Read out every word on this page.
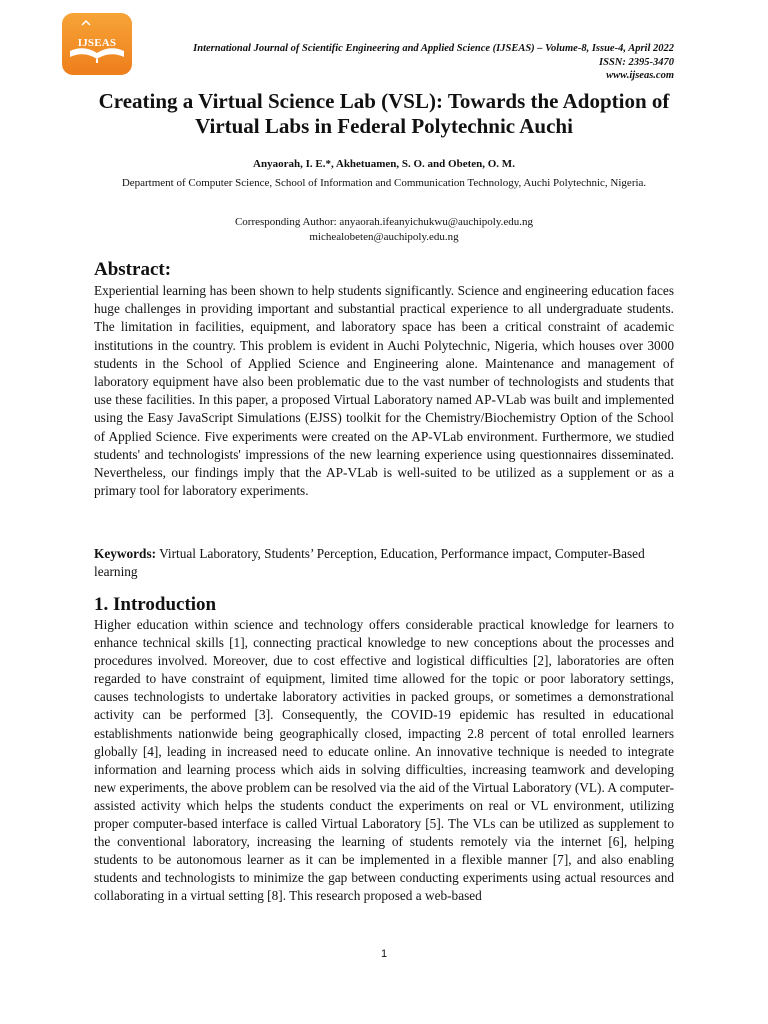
IJSEAS	International Journal of Scientific Engineering and Applied Science (IJSEAS) – Volume-8, Issue-4, April 2022
ISSN: 2395-3470
www.ijseas.com
Creating a Virtual Science Lab (VSL): Towards the Adoption of Virtual Labs in Federal Polytechnic Auchi
Anyaorah, I. E.*, Akhetuamen, S. O. and Obeten, O. M.
Department of Computer Science, School of Information and Communication Technology, Auchi Polytechnic, Nigeria.
Corresponding Author: anyaorah.ifeanyichukwu@auchipoly.edu.ng
michealobeten@auchipoly.edu.ng
Abstract:

Experiential learning has been shown to help students significantly. Science and engineering education faces huge challenges in providing important and substantial practical experience to all undergraduate students. The limitation in facilities, equipment, and laboratory space has been a critical constraint of academic institutions in the country. This problem is evident in Auchi Polytechnic, Nigeria, which houses over 3000 students in the School of Applied Science and Engineering alone. Maintenance and management of laboratory equipment have also been problematic due to the vast number of technologists and students that use these facilities. In this paper, a proposed Virtual Laboratory named AP-VLab was built and implemented using the Easy JavaScript Simulations (EJSS) toolkit for the Chemistry/Biochemistry Option of the School of Applied Science. Five experiments were created on the AP-VLab environment. Furthermore, we studied students' and technologists' impressions of the new learning experience using questionnaires disseminated. Nevertheless, our findings imply that the AP-VLab is well-suited to be utilized as a supplement or as a primary tool for laboratory experiments.

Keywords: Virtual Laboratory, Students’ Perception, Education, Performance impact, Computer-Based learning

1. Introduction

Higher education within science and technology offers considerable practical knowledge for learners to enhance technical skills [1], connecting practical knowledge to new conceptions about the processes and procedures involved. Moreover, due to cost effective and logistical difficulties [2], laboratories are often regarded to have constraint of equipment, limited time allowed for the topic or poor laboratory settings, causes technologists to undertake laboratory activities in packed groups, or sometimes a demonstrational activity can be performed [3]. Consequently, the COVID-19 epidemic has resulted in educational establishments nationwide being geographically closed, impacting 2.8 percent of total enrolled learners globally [4], leading in increased need to educate online. An innovative technique is needed to integrate information and learning process which aids in solving difficulties, increasing teamwork and developing new experiments, the above problem can be resolved via the aid of the Virtual Laboratory (VL). A computer-assisted activity which helps the students conduct the experiments on real or VL environment, utilizing proper computer-based interface is called Virtual Laboratory [5]. The VLs can be utilized as supplement to the conventional laboratory, increasing the learning of students remotely via the internet [6], helping students to be autonomous learner as it can be implemented in a flexible manner [7], and also enabling students and technologists to minimize the gap between conducting experiments using actual resources and collaborating in a virtual setting [8]. This research proposed a web-based

1
